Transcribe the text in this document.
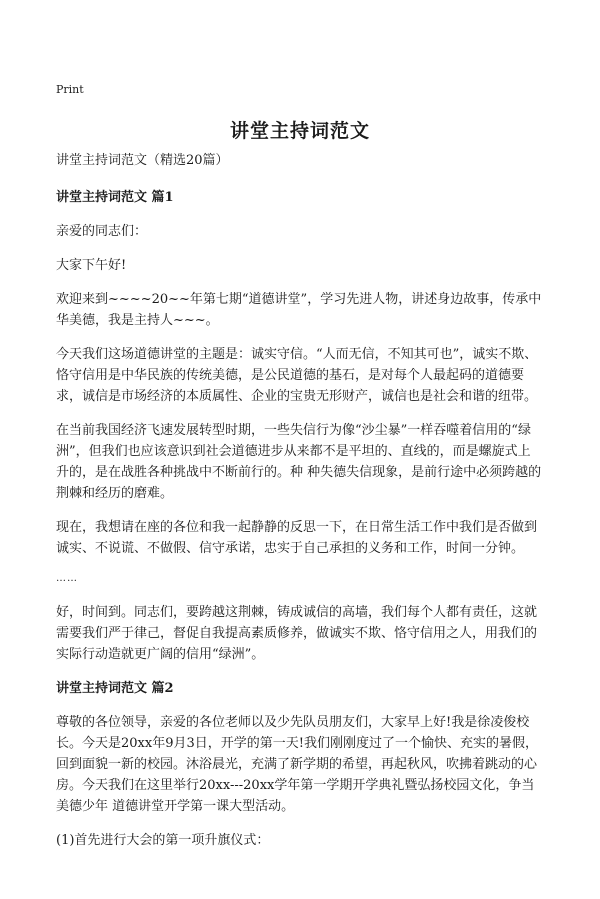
Print
讲堂主持词范文

讲堂主持词范文（精选20篇）

讲堂主持词范文 篇1

亲爱的同志们：

大家下午好!

欢迎来到~~~~20~~年第七期“道德讲堂”，学习先进人物，讲述身边故事，传承中华美德，我是主持人~~~。

今天我们这场道德讲堂的主题是：诚实守信。“人而无信，不知其可也”，诚实不欺、恪守信用是中华民族的传统美德，是公民道德的基石，是对每个人最起码的道德要求，诚信是市场经济的本质属性、企业的宝贵无形财产，诚信也是社会和谐的纽带。

在当前我国经济飞速发展转型时期，一些失信行为像“沙尘暴”一样吞噬着信用的“绿洲”，但我们也应该意识到社会道德进步从来都不是平坦的、直线的，而是螺旋式上升的，是在战胜各种挑战中不断前行的。种 种失德失信现象，是前行途中必须跨越的荆棘和经历的磨难。

现在，我想请在座的各位和我一起静静的反思一下，在日常生活工作中我们是否做到诚实、不说谎、不做假、信守承诺，忠实于自己承担的义务和工作，时间一分钟。

……

好，时间到。同志们，要跨越这荆棘，铸成诚信的高墙，我们每个人都有责任，这就需要我们严于律己，督促自我提高素质修养，做诚实不欺、恪守信用之人，用我们的实际行动造就更广阔的信用“绿洲”。

讲堂主持词范文 篇2

尊敬的各位领导，亲爱的各位老师以及少先队员朋友们，大家早上好!我是徐凌俊校长。今天是20xx年9月3日，开学的第一天!我们刚刚度过了一个愉快、充实的暑假，回到面貌一新的校园。沐浴晨光，充满了新学期的希望，再起秋风，吹拂着跳动的心房。今天我们在这里举行20xx---20xx学年第一学期开学典礼暨弘扬校园文化，争当美德少年 道德讲堂开学第一课大型活动。

(1)首先进行大会的第一项升旗仪式：
